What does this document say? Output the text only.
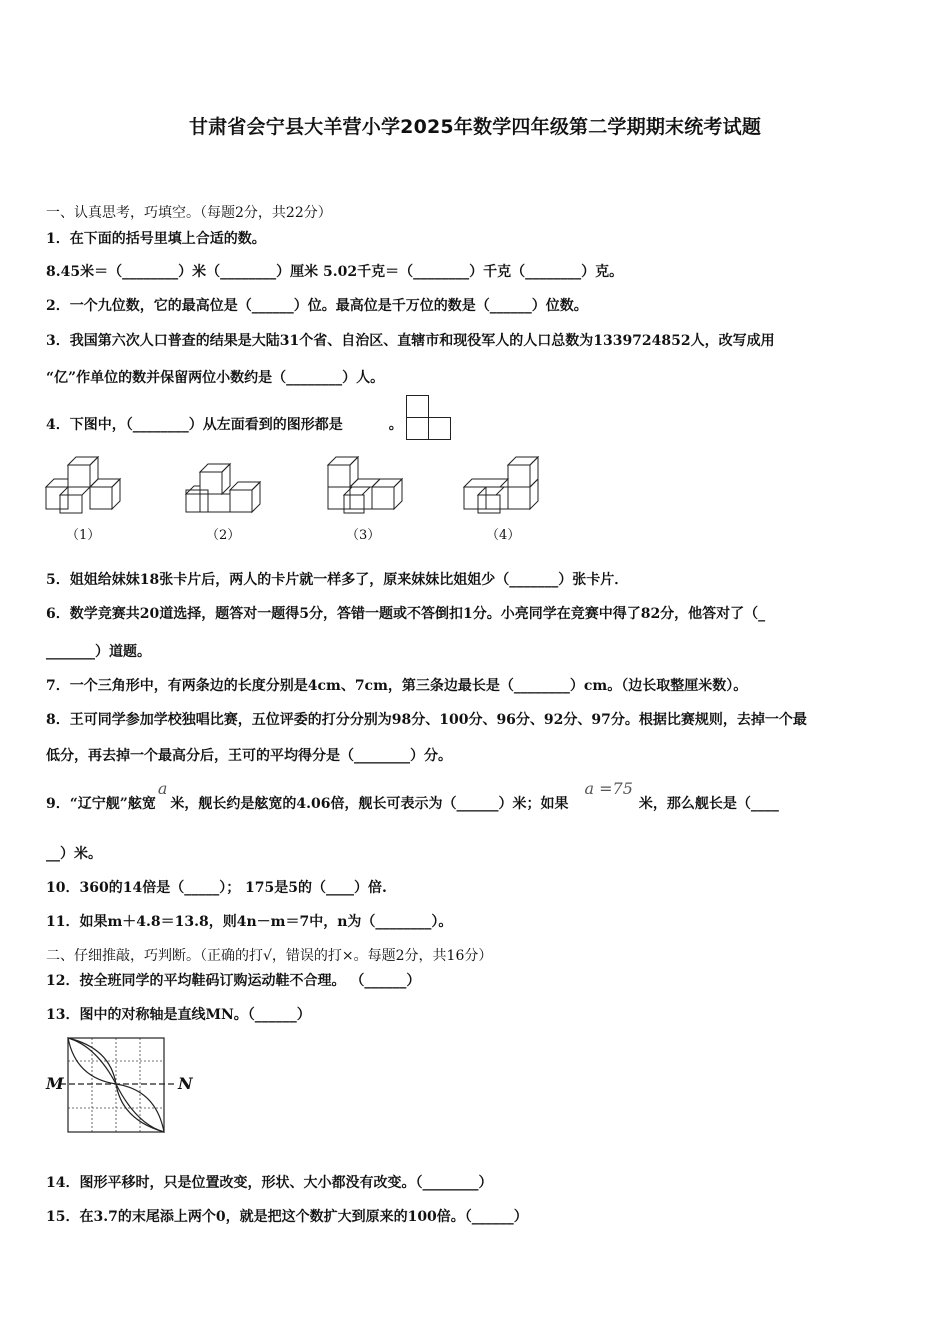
甘肃省会宁县大羊营小学2025年数学四年级第二学期期末统考试题
一、认真思考，巧填空。（每题2分，共22分）
1．在下面的括号里填上合适的数。
8.45米＝（________）米（________）厘米 5.02千克＝（________）千克（________）克。
2．一个九位数，它的最高位是（______）位。最高位是千万位的数是（______）位数。
3．我国第六次人口普查的结果是大陆31个省、自治区、直辖市和现役军人的人口总数为1339724852人，改写成用
“亿”作单位的数并保留两位小数约是（________）人。
4．下图中，（________）从左面看到的图形都是	。
（1）	（2）	（3）	（4）
5．姐姐给妹妹18张卡片后，两人的卡片就一样多了，原来妹妹比姐姐少（_______）张卡片．
6．数学竞赛共20道选择，题答对一题得5分，答错一题或不答倒扣1分。小亮同学在竞赛中得了82分，他答对了（_
_______）道题。
7．一个三角形中，有两条边的长度分别是4cm、7cm，第三条边最长是（________）cm。（边长取整厘米数）。
8．王可同学参加学校独唱比赛，五位评委的打分分别为98分、100分、96分、92分、97分。根据比赛规则，去掉一个最
低分，再去掉一个最高分后，王可的平均得分是（________）分。
9．“辽宁舰”舷宽a米，舰长约是舷宽的4.06倍，舰长可表示为（______）米；如果a =75米，那么舰长是（____
__）米。
10．360的14倍是（_____）； 175是5的（____）倍.
11．如果m＋4.8＝13.8，则4n－m＝7中，n为（________）。
二、仔细推敲，巧判断。（正确的打√，错误的打×。每题2分，共16分）
12．按全班同学的平均鞋码订购运动鞋不合理。 （______）
13．图中的对称轴是直线MN。（______）
M	N
14．图形平移时，只是位置改变，形状、大小都没有改变。（________）
15．在3.7的末尾添上两个0，就是把这个数扩大到原来的100倍。（______）
